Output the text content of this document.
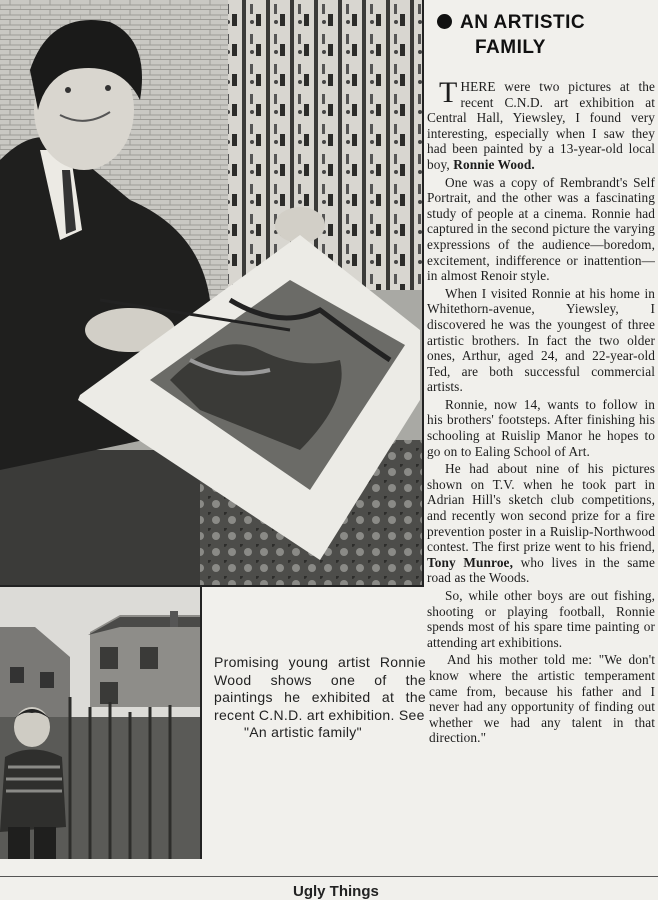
Promising young artist Ronnie Wood shows one of the paintings he exhibited at the recent C.N.D. art exhibition. See
"An artistic family"
AN ARTISTIC
FAMILY

THERE were two pictures at the recent C.N.D. art exhibition at Central Hall, Yiewsley, I found very interesting, especially when I saw they had been painted by a 13-year-old local boy, Ronnie Wood.

One was a copy of Rembrandt's Self Portrait, and the other was a fascinating study of people at a cinema. Ronnie had captured in the second picture the varying expressions of the audience—boredom, excitement, indifference or inattention—in almost Renoir style.

When I visited Ronnie at his home in Whitethorn-avenue, Yiewsley, I discovered he was the youngest of three artistic brothers. In fact the two older ones, Arthur, aged 24, and 22-year-old Ted, are both successful commercial artists.

Ronnie, now 14, wants to follow in his brothers' footsteps. After finishing his schooling at Ruislip Manor he hopes to go on to Ealing School of Art.

He had about nine of his pictures shown on T.V. when he took part in Adrian Hill's sketch club competitions, and recently won second prize for a fire prevention poster in a Ruislip-Northwood contest. The first prize went to his friend, Tony Munroe, who lives in the same road as the Woods.

So, while other boys are out fishing, shooting or playing football, Ronnie spends most of his spare time painting or attending art exhibitions.

And his mother told me: "We don't know where the artistic temperament came from, because his father and I never had any opportunity of finding out whether we had any talent in that direction."

Ugly Things
